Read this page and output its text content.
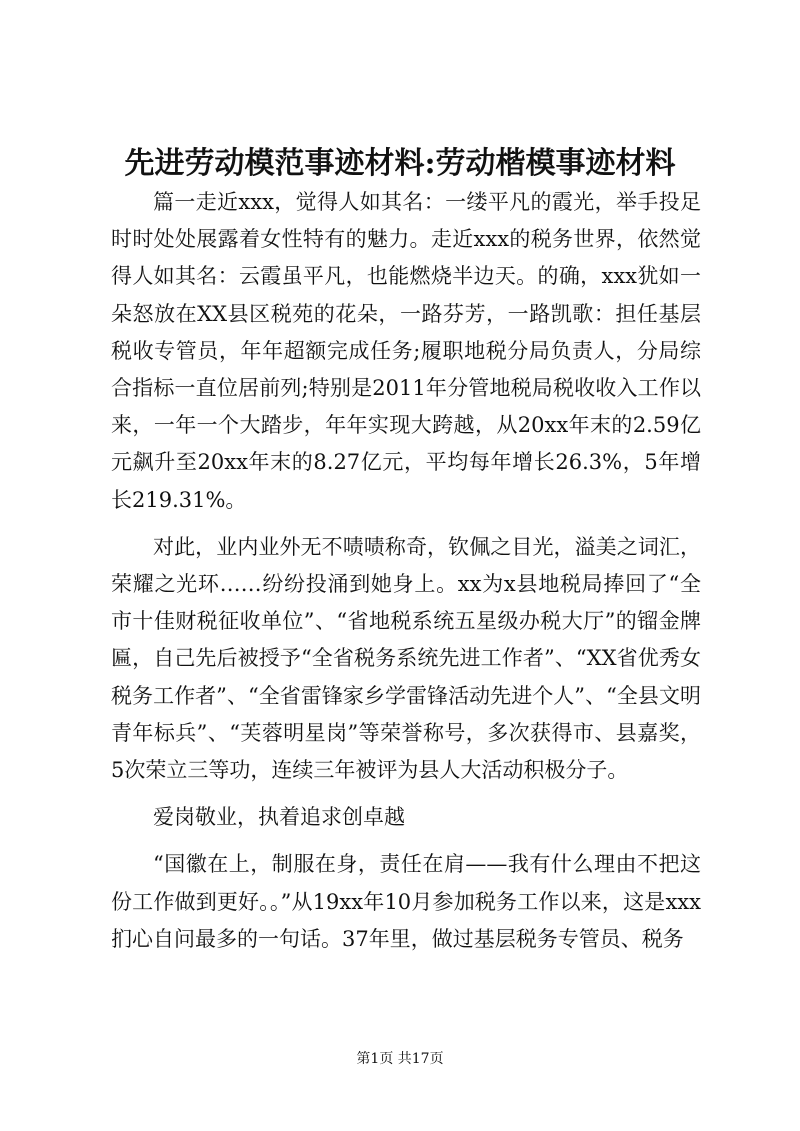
先进劳动模范事迹材料:劳动楷模事迹材料

篇一走近xxx，觉得人如其名：一缕平凡的霞光，举手投足时时处处展露着女性特有的魅力。走近xxx的税务世界，依然觉得人如其名：云霞虽平凡，也能燃烧半边天。的确，xxx犹如一朵怒放在XX县区税苑的花朵，一路芬芳，一路凯歌：担任基层税收专管员，年年超额完成任务;履职地税分局负责人，分局综合指标一直位居前列;特别是2011年分管地税局税收收入工作以来，一年一个大踏步，年年实现大跨越，从20xx年末的2.59亿元飙升至20xx年末的8.27亿元，平均每年增长26.3%，5年增长219.31%。

对此，业内业外无不啧啧称奇，钦佩之目光，溢美之词汇，荣耀之光环……纷纷投涌到她身上。xx为x县地税局捧回了“全市十佳财税征收单位”、“省地税系统五星级办税大厅”的镏金牌匾，自己先后被授予“全省税务系统先进工作者”、“XX省优秀女税务工作者”、“全省雷锋家乡学雷锋活动先进个人”、“全县文明青年标兵”、“芙蓉明星岗”等荣誉称号，多次获得市、县嘉奖，5次荣立三等功，连续三年被评为县人大活动积极分子。

爱岗敬业，执着追求创卓越

“国徽在上，制服在身，责任在肩——我有什么理由不把这份工作做到更好。。”从19xx年10月参加税务工作以来，这是xxx扪心自问最多的一句话。37年里，做过基层税务专管员、税务

第1页 共17页
